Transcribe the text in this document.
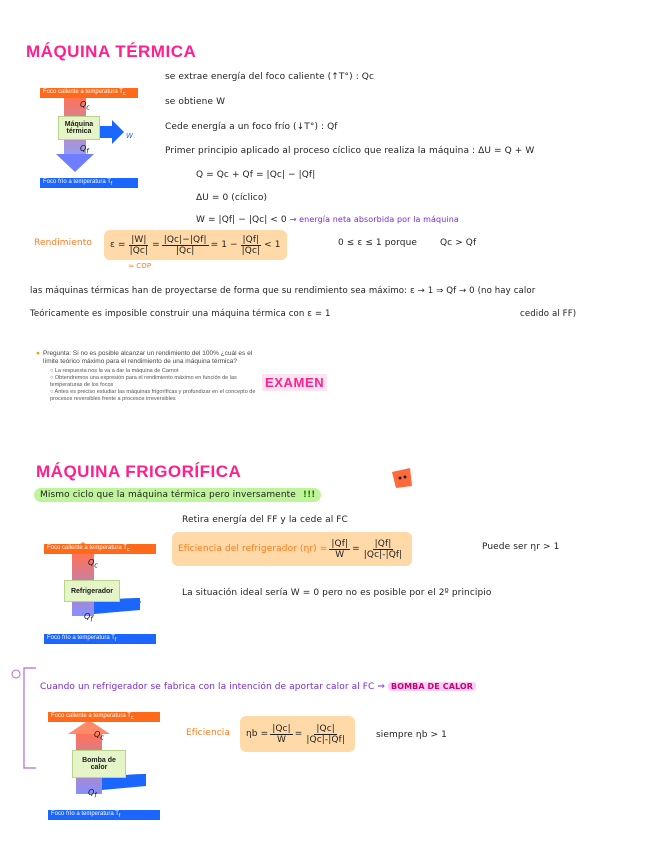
MÁQUINA TÉRMICA
Foco caliente a temperatura $T_c$
Máquina térmica
$Q_c$
$Q_f$
W
Foco frío a temperatura $T_f$
se extrae energía del foco caliente (↑T°) : Qc
se obtiene W
Cede energía a un foco frío (↓T°) : Qf
Primer principio aplicado al proceso cíclico que realiza la máquina : ΔU = Q + W
Q = Qc + Qf = |Qc| − |Qf|
ΔU = 0 (cíclico)
W = |Qf| − |Qc| < 0 → energía neta absorbida por la máquina
Rendimiento $\varepsilon = \frac{|W|}{|Qc|} = \frac{|Qc|-|Qf|}{|Qc|} = 1 - \frac{|Qf|}{|Qc|} < 1$
≈ COP
0 ≤ ε ≤ 1 porque	Qc > Qf
las máquinas térmicas han de proyectarse de forma que su rendimiento sea máximo: ε → 1 ⇒ Qf → 0 (no hay calor
Teóricamente es imposible construir una máquina térmica con ε = 1	cedido al FF)
● Pregunta: Si no es posible alcanzar un rendimiento del 100% ¿cuál es el límite teórico máximo para el rendimiento de una máquina térmica?
○ La respuesta nos la va a dar la máquina de Carnot
○ Obtendremos una expresión para el rendimiento máximo en función de las temperaturas de los focos
○ Antes es preciso estudiar las máquinas frigoríficas y profundizar en el concepto de procesos reversibles frente a procesos irreversibles
EXAMEN
MÁQUINA FRIGORÍFICA
Mismo ciclo que la máquina térmica pero inversamente !!!
Retira energía del FF y la cede al FC
Foco caliente a temperatura $T_c$
Refrigerador
$Q_c$
$Q_f$
W
Foco frío a temperatura $T_f$
Eficiencia del refrigerador $(\eta r) = \frac{|Qf|}{W} = \frac{|Qf|}{|Qc|-|Qf|}$	Puede ser ηr > 1
La situación ideal sería W = 0 pero no es posible por el 2º principio
Cuando un refrigerador se fabrica con la intención de aportar calor al FC ⇒ BOMBA DE CALOR
Foco caliente a temperatura $T_c$
Bomba de calor
$Q_c$
$Q_f$
W
Foco frío a temperatura $T_f$
Eficiencia $\eta b = \frac{|Qc|}{W} = \frac{|Qc|}{|Qc|-|Qf|}$	siempre ηb > 1
